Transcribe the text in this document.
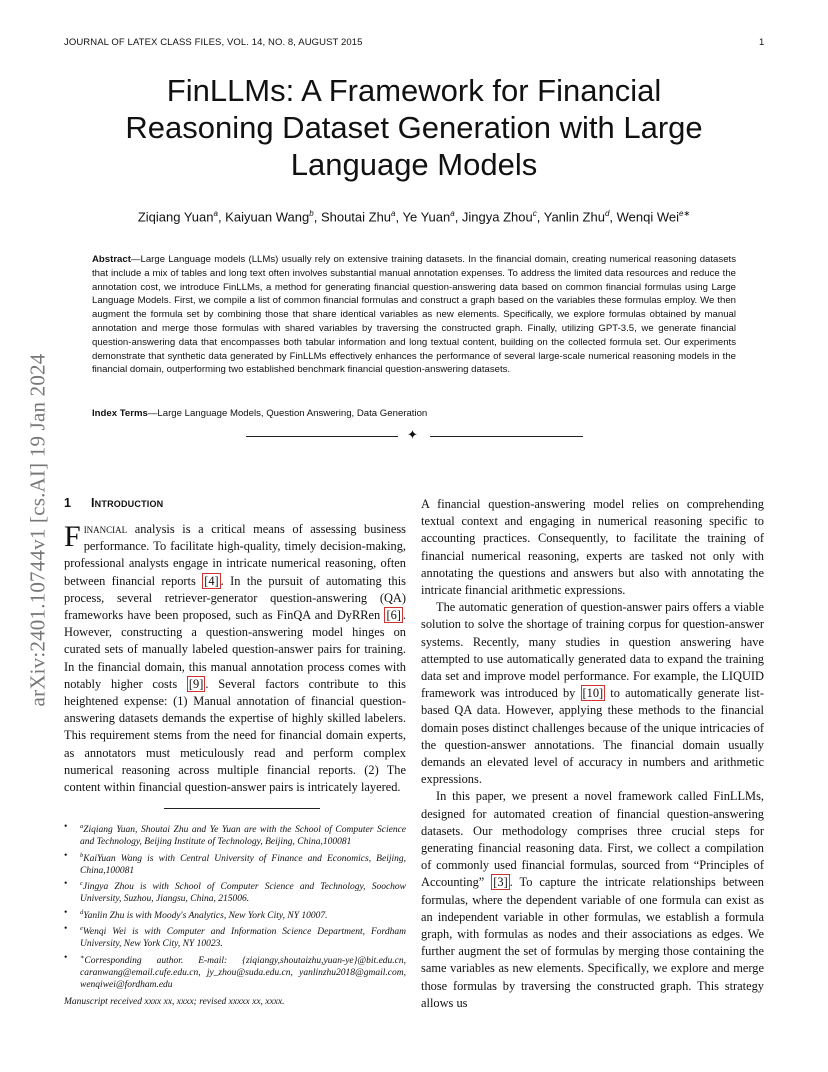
JOURNAL OF LATEX CLASS FILES, VOL. 14, NO. 8, AUGUST 2015	1
FinLLMs: A Framework for Financial Reasoning Dataset Generation with Large Language Models
Ziqiang Yuan$^a$, Kaiyuan Wang$^b$, Shoutai Zhu$^a$, Ye Yuan$^a$, Jingya Zhou$^c$, Yanlin Zhu$^d$, Wenqi Wei$^{e∗}$

Abstract—Large Language models (LLMs) usually rely on extensive training datasets. In the financial domain, creating numerical reasoning datasets that include a mix of tables and long text often involves substantial manual annotation expenses. To address the limited data resources and reduce the annotation cost, we introduce FinLLMs, a method for generating financial question-answering data based on common financial formulas using Large Language Models. First, we compile a list of common financial formulas and construct a graph based on the variables these formulas employ. We then augment the formula set by combining those that share identical variables as new elements. Specifically, we explore formulas obtained by manual annotation and merge those formulas with shared variables by traversing the constructed graph. Finally, utilizing GPT-3.5, we generate financial question-answering data that encompasses both tabular information and long textual content, building on the collected formula set. Our experiments demonstrate that synthetic data generated by FinLLMs effectively enhances the performance of several large-scale numerical reasoning models in the financial domain, outperforming two established benchmark financial question-answering datasets.

Index Terms—Large Language Models, Question Answering, Data Generation

✦
arXiv:2401.10744v1 [cs.AI] 19 Jan 2024 1 Introduction

Financial analysis is a critical means of assessing business performance. To facilitate high-quality, timely decision-making, professional analysts engage in intricate numerical reasoning, often between financial reports [4] . In the pursuit of automating this process, several retriever-generator question-answering (QA) frameworks have been proposed, such as FinQA and DyRRen [6] . However, constructing a question-answering model hinges on curated sets of manually labeled question-answer pairs for training. In the financial domain, this manual annotation process comes with notably higher costs [9] . Several factors contribute to this heightened expense: (1) Manual annotation of financial question-answering datasets demands the expertise of highly skilled labelers. This requirement stems from the need for financial domain experts, as annotators must meticulously read and perform complex numerical reasoning across multiple financial reports. (2) The content within financial question-answer pairs is intricately layered.

• $^a$Ziqiang Yuan, Shoutai Zhu and Ye Yuan are with the School of Computer Science and Technology, Beijing Institute of Technology, Beijing, China,100081
• $^b$KaiYuan Wang is with Central University of Finance and Economics, Beijing, China,100081
• $^c$Jingya Zhou is with School of Computer Science and Technology, Soochow University, Suzhou, Jiangsu, China, 215006.
• $^d$Yanlin Zhu is with Moody's Analytics, New York City, NY 10007.
• $^e$Wenqi Wei is with Computer and Information Science Department, Fordham University, New York City, NY 10023.
• ∗Corresponding author. E-mail: {ziqiangy,shoutaizhu,yuan-ye}@bit.edu.cn, caranwang@email.cufe.edu.cn, jy_zhou@suda.edu.cn, yanlinzhu2018@gmail.com, wenqiwei@fordham.edu

Manuscript received xxxx xx, xxxx; revised xxxxx xx, xxxx.

A financial question-answering model relies on comprehending textual context and engaging in numerical reasoning specific to accounting practices. Consequently, to facilitate the training of financial numerical reasoning, experts are tasked not only with annotating the questions and answers but also with annotating the intricate financial arithmetic expressions.

The automatic generation of question-answer pairs offers a viable solution to solve the shortage of training corpus for question-answer systems. Recently, many studies in question answering have attempted to use automatically generated data to expand the training data set and improve model performance. For example, the LIQUID framework was introduced by [10] to automatically generate list-based QA data. However, applying these methods to the financial domain poses distinct challenges because of the unique intricacies of the question-answer annotations. The financial domain usually demands an elevated level of accuracy in numbers and arithmetic expressions.

In this paper, we present a novel framework called FinLLMs, designed for automated creation of financial question-answering datasets. Our methodology comprises three crucial steps for generating financial reasoning data. First, we collect a compilation of commonly used financial formulas, sourced from “Principles of Accounting” [3] . To capture the intricate relationships between formulas, where the dependent variable of one formula can exist as an independent variable in other formulas, we establish a formula graph, with formulas as nodes and their associations as edges. We further augment the set of formulas by merging those containing the same variables as new elements. Specifically, we explore and merge those formulas by traversing the constructed graph. This strategy allows us
